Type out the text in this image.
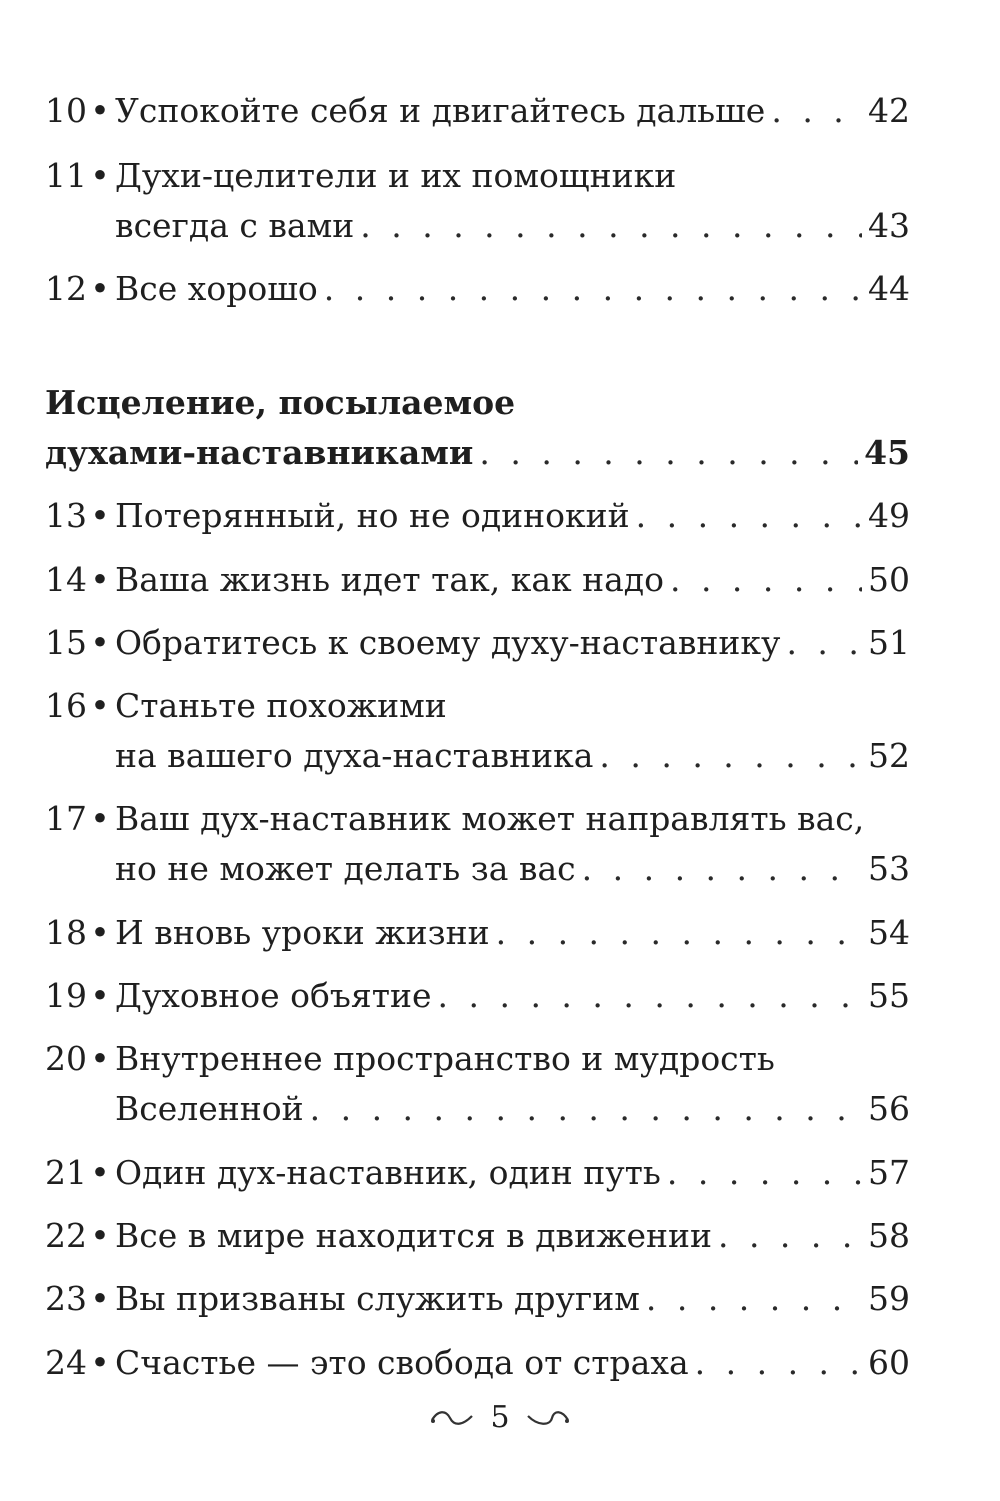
10 • Успокойте себя и двигайтесь дальше . . .	42
11 • Духи-целители и их помощники
всегда с вами . . .	43
12 • Все хорошо . . .	44
Исцеление, посылаемое
духами-наставниками . . .	45
13 • Потерянный, но не одинокий . . .	49
14 • Ваша жизнь идет так, как надо . . .	50
15 • Обратитесь к своему духу-наставнику . . .	51
16 • Станьте похожими
на вашего духа-наставника . . .	52
17 • Ваш дух-наставник может направлять вас,
но не может делать за вас . . .	53
18 • И вновь уроки жизни . . .	54
19 • Духовное объятие . . .	55
20 • Внутреннее пространство и мудрость
Вселенной . . .	56
21 • Один дух-наставник, один путь . . .	57
22 • Все в мире находится в движении . . .	58
23 • Вы призваны служить другим . . .	59
24 • Счастье — это свобода от страха . . .	60
5
